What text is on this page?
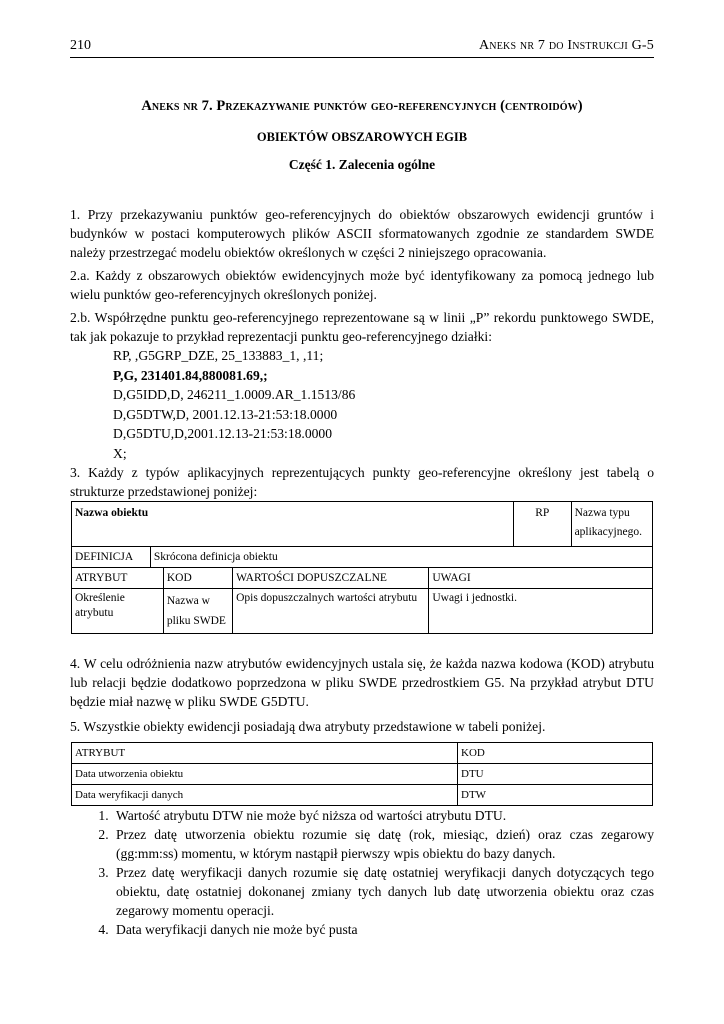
210	Aneks nr 7 do Instrukcji G-5
Aneks nr 7. Przekazywanie punktów geo-referencyjnych (centroidów)
OBIEKTÓW OBSZAROWYCH EGIB
Część 1. Zalecenia ogólne

1. Przy przekazywaniu punktów geo-referencyjnych do obiektów obszarowych ewidencji gruntów i budynków w postaci komputerowych plików ASCII sformatowanych zgodnie ze standardem SWDE należy przestrzegać modelu obiektów określonych w części 2 niniejszego opracowania.

2.a. Każdy z obszarowych obiektów ewidencyjnych może być identyfikowany za pomocą jednego lub wielu punktów geo-referencyjnych określonych poniżej.

2.b. Współrzędne punktu geo-referencyjnego reprezentowane są w linii „P” rekordu punktowego SWDE, tak jak pokazuje to przykład reprezentacji punktu geo-referencyjnego działki:

RP, ,G5GRP_DZE, 25_133883_1, ,11;
P,G, 231401.84,880081.69,;
D,G5IDD,D, 246211_1.0009.AR_1.1513/86
D,G5DTW,D, 2001.12.13-21:53:18.0000
D,G5DTU,D,2001.12.13-21:53:18.0000
X;

3. Każdy z typów aplikacyjnych reprezentujących punkty geo-referencyjne określony jest tabelą o strukturze przedstawionej poniżej:

Nazwa obiektu					RP	Nazwa typu aplikacyjnego.
DEFINICJA	Skrócona definicja obiektu					
ATRYBUT		KOD	WARTOŚCI DOPUSZCZALNE	UWAGI		
Określenie atrybutu		Nazwa w pliku SWDE	Opis dopuszczalnych wartości atrybutu	Uwagi i jednostki.		

4. W celu odróżnienia nazw atrybutów ewidencyjnych ustala się, że każda nazwa kodowa (KOD) atrybutu lub relacji będzie dodatkowo poprzedzona w pliku SWDE przedrostkiem G5. Na przykład atrybut DTU będzie miał nazwę w pliku SWDE G5DTU.

5. Wszystkie obiekty ewidencji posiadają dwa atrybuty przedstawione w tabeli poniżej.

ATRYBUT	KOD
Data utworzenia obiektu	DTU
Data weryfikacji danych	DTW
1. Wartość atrybutu DTW nie może być niższa od wartości atrybutu DTU.
2. Przez datę utworzenia obiektu rozumie się datę (rok, miesiąc, dzień) oraz czas zegarowy (gg:mm:ss) momentu, w którym nastąpił pierwszy wpis obiektu do bazy danych.
3. Przez datę weryfikacji danych rozumie się datę ostatniej weryfikacji danych dotyczących tego obiektu, datę ostatniej dokonanej zmiany tych danych lub datę utworzenia obiektu oraz czas zegarowy momentu operacji.
4. Data weryfikacji danych nie może być pusta
